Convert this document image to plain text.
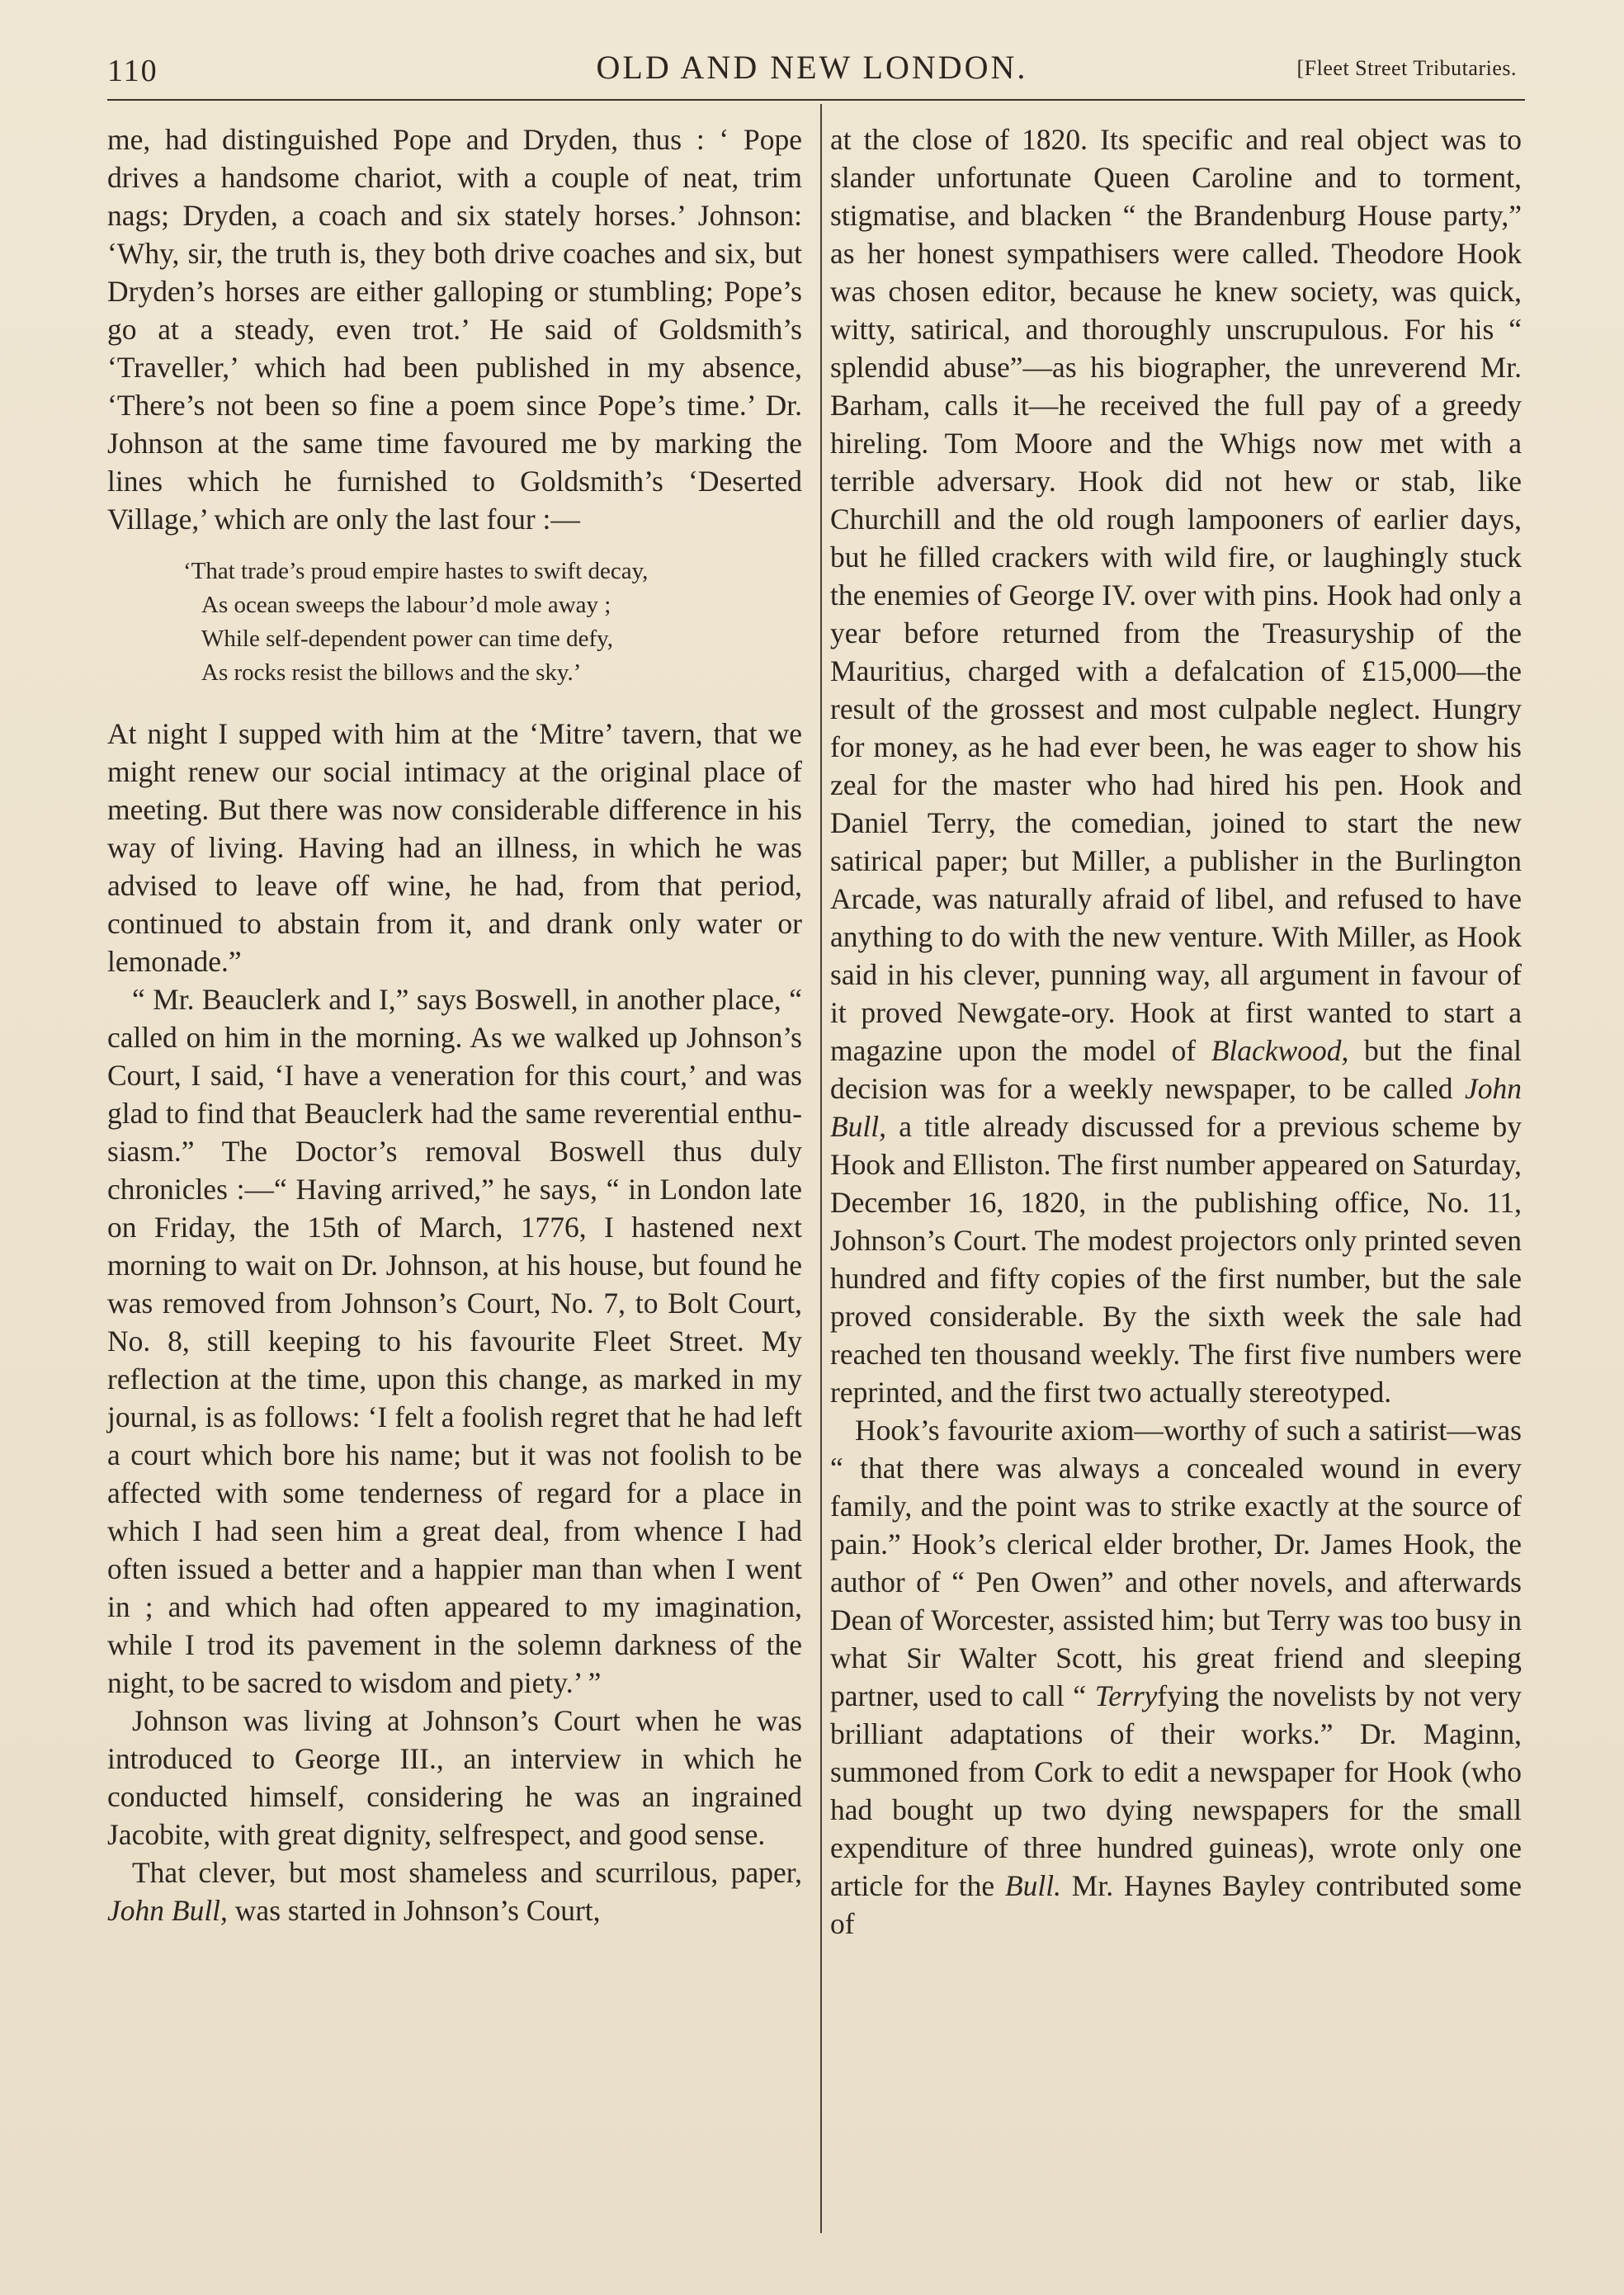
110	OLD AND NEW LONDON.	[Fleet Street Tributaries.

me, had distinguished Pope and Dryden, thus : ‘ Pope drives a handsome chariot, with a couple of neat, trim nags; Dryden, a coach and six stately horses.’ Johnson: ‘Why, sir, the truth is, they both drive coaches and six, but Dryden’s horses are either galloping or stumbling; Pope’s go at a steady, even trot.’ He said of Goldsmith’s ‘Traveller,’ which had been published in my absence, ‘There’s not been so fine a poem since Pope’s time.’ Dr. Johnson at the same time favoured me by marking the lines which he furnished to Goldsmith’s ‘Deserted Village,’ which are only the last four :—

‘That trade’s proud empire hastes to swift decay,
As ocean sweeps the labour’d mole away ;
While self-dependent power can time defy,
As rocks resist the billows and the sky.’

At night I supped with him at the ‘Mitre’ tavern, that we might renew our social intimacy at the original place of meeting. But there was now considerable difference in his way of living. Having had an illness, in which he was advised to leave off wine, he had, from that period, continued to abstain from it, and drank only water or lemonade.”

“ Mr. Beauclerk and I,” says Boswell, in another place, “ called on him in the morning. As we walked up Johnson’s Court, I said, ‘I have a veneration for this court,’ and was glad to find that Beauclerk had the same reverential enthusiasm.” The Doctor’s removal Boswell thus duly chronicles :—“ Having arrived,” he says, “ in London late on Friday, the 15th of March, 1776, I hastened next morning to wait on Dr. Johnson, at his house, but found he was removed from Johnson’s Court, No. 7, to Bolt Court, No. 8, still keeping to his favourite Fleet Street. My reflection at the time, upon this change, as marked in my journal, is as follows: ‘I felt a foolish regret that he had left a court which bore his name; but it was not foolish to be affected with some tenderness of regard for a place in which I had seen him a great deal, from whence I had often issued a better and a happier man than when I went in ; and which had often appeared to my imagination, while I trod its pavement in the solemn darkness of the night, to be sacred to wisdom and piety.’ ”

Johnson was living at Johnson’s Court when he was introduced to George III., an interview in which he conducted himself, considering he was an ingrained Jacobite, with great dignity, selfrespect, and good sense.

That clever, but most shameless and scurrilous, paper, John Bull, was started in Johnson’s Court,

at the close of 1820. Its specific and real object was to slander unfortunate Queen Caroline and to torment, stigmatise, and blacken “ the Brandenburg House party,” as her honest sympathisers were called. Theodore Hook was chosen editor, because he knew society, was quick, witty, satirical, and thoroughly unscrupulous. For his “ splendid abuse”—as his biographer, the unreverend Mr. Barham, calls it—he received the full pay of a greedy hireling. Tom Moore and the Whigs now met with a terrible adversary. Hook did not hew or stab, like Churchill and the old rough lampooners of earlier days, but he filled crackers with wild fire, or laughingly stuck the enemies of George IV. over with pins. Hook had only a year before returned from the Treasuryship of the Mauritius, charged with a defalcation of £15,000—the result of the grossest and most culpable neglect. Hungry for money, as he had ever been, he was eager to show his zeal for the master who had hired his pen. Hook and Daniel Terry, the comedian, joined to start the new satirical paper; but Miller, a publisher in the Burlington Arcade, was naturally afraid of libel, and refused to have anything to do with the new venture. With Miller, as Hook said in his clever, punning way, all argument in favour of it proved Newgate-ory. Hook at first wanted to start a magazine upon the model of Blackwood, but the final decision was for a weekly newspaper, to be called John Bull, a title already discussed for a previous scheme by Hook and Elliston. The first number appeared on Saturday, December 16, 1820, in the publishing office, No. 11, Johnson’s Court. The modest projectors only printed seven hundred and fifty copies of the first number, but the sale proved considerable. By the sixth week the sale had reached ten thousand weekly. The first five numbers were reprinted, and the first two actually stereotyped.

Hook’s favourite axiom—worthy of such a satirist—was “ that there was always a concealed wound in every family, and the point was to strike exactly at the source of pain.” Hook’s clerical elder brother, Dr. James Hook, the author of “ Pen Owen” and other novels, and afterwards Dean of Worcester, assisted him; but Terry was too busy in what Sir Walter Scott, his great friend and sleeping partner, used to call “ Terryfying the novelists by not very brilliant adaptations of their works.” Dr. Maginn, summoned from Cork to edit a newspaper for Hook (who had bought up two dying newspapers for the small expenditure of three hundred guineas), wrote only one article for the Bull. Mr. Haynes Bayley contributed some of
